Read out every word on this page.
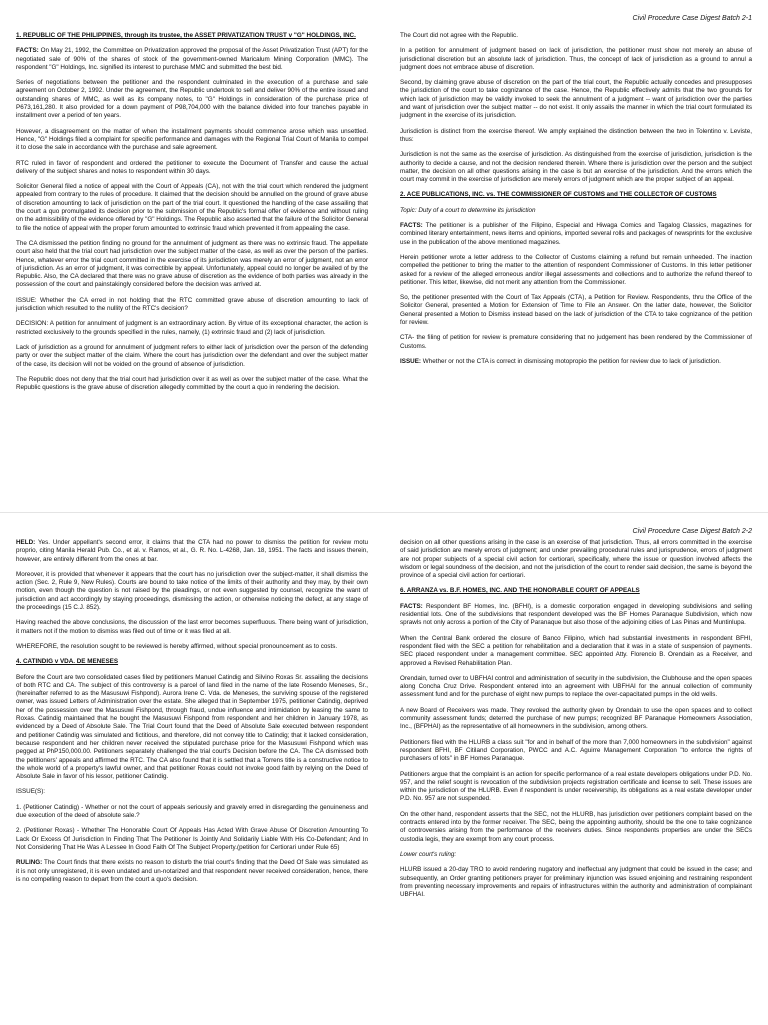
Civil Procedure Case Digest Batch 2-1

1. REPUBLIC OF THE PHILIPPINES, through its trustee, the ASSET PRIVATIZATION TRUST v "G" HOLDINGS, INC.

FACTS: On May 21, 1992, the Committee on Privatization approved the proposal of the Asset Privatization Trust (APT) for the negotiated sale of 90% of the shares of stock of the government-owned Maricalum Mining Corporation (MMC). The respondent "G" Holdings, Inc. signified its interest to purchase MMC and submitted the best bid.

Series of negotiations between the petitioner and the respondent culminated in the execution of a purchase and sale agreement on October 2, 1992. Under the agreement, the Republic undertook to sell and deliver 90% of the entire issued and outstanding shares of MMC, as well as its company notes, to "G" Holdings in consideration of the purchase price of P673,161,280. It also provided for a down payment of P98,704,000 with the balance divided into four tranches payable in installment over a period of ten years.

However, a disagreement on the matter of when the installment payments should commence arose which was unsettled. Hence, "G" Holdings filed a complaint for specific performance and damages with the Regional Trial Court of Manila to compel it to close the sale in accordance with the purchase and sale agreement.

RTC ruled in favor of respondent and ordered the petitioner to execute the Document of Transfer and cause the actual delivery of the subject shares and notes to respondent within 30 days.

Solicitor General filed a notice of appeal with the Court of Appeals (CA), not with the trial court which rendered the judgment appealed from contrary to the rules of procedure. It claimed that the decision should be annulled on the ground of grave abuse of discretion amounting to lack of jurisdiction on the part of the trial court. It questioned the handling of the case assailing that the court a quo promulgated its decision prior to the submission of the Republic's formal offer of evidence and without ruling on the admissibility of the evidence offered by "G" Holdings. The Republic also asserted that the failure of the Solicitor General to file the notice of appeal with the proper forum amounted to extrinsic fraud which prevented it from appealing the case.

The CA dismissed the petition finding no ground for the annulment of judgment as there was no extrinsic fraud. The appellate court also held that the trial court had jurisdiction over the subject matter of the case, as well as over the person of the parties. Hence, whatever error the trial court committed in the exercise of its jurisdiction was merely an error of judgment, not an error of jurisdiction. As an error of judgment, it was correctible by appeal. Unfortunately, appeal could no longer be availed of by the Republic. Also, the CA declared that there was no grave abuse of discretion as the evidence of both parties was already in the possession of the court and painstakingly considered before the decision was arrived at.

ISSUE: Whether the CA erred in not holding that the RTC committed grave abuse of discretion amounting to lack of jurisdiction which resulted to the nullity of the RTC's decision?

DECISION: A petition for annulment of judgment is an extraordinary action. By virtue of its exceptional character, the action is restricted exclusively to the grounds specified in the rules, namely, (1) extrinsic fraud and (2) lack of jurisdiction.

Lack of jurisdiction as a ground for annulment of judgment refers to either lack of jurisdiction over the person of the defending party or over the subject matter of the claim. Where the court has jurisdiction over the defendant and over the subject matter of the case, its decision will not be voided on the ground of absence of jurisdiction.

The Republic does not deny that the trial court had jurisdiction over it as well as over the subject matter of the case. What the Republic questions is the grave abuse of discretion allegedly committed by the court a quo in rendering the decision.

The Court did not agree with the Republic.

In a petition for annulment of judgment based on lack of jurisdiction, the petitioner must show not merely an abuse of jurisdictional discretion but an absolute lack of jurisdiction. Thus, the concept of lack of jurisdiction as a ground to annul a judgment does not embrace abuse of discretion.

Second, by claiming grave abuse of discretion on the part of the trial court, the Republic actually concedes and presupposes the jurisdiction of the court to take cognizance of the case. Hence, the Republic effectively admits that the two grounds for which lack of jurisdiction may be validly invoked to seek the annulment of a judgment -- want of jurisdiction over the parties and want of jurisdiction over the subject matter -- do not exist. It only assails the manner in which the trial court formulated its judgment in the exercise of its jurisdiction.

Jurisdiction is distinct from the exercise thereof. We amply explained the distinction between the two in Tolentino v. Leviste, thus:

Jurisdiction is not the same as the exercise of jurisdiction. As distinguished from the exercise of jurisdiction, jurisdiction is the authority to decide a cause, and not the decision rendered therein. Where there is jurisdiction over the person and the subject matter, the decision on all other questions arising in the case is but an exercise of the jurisdiction. And the errors which the court may commit in the exercise of jurisdiction are merely errors of judgment which are the proper subject of an appeal.

2. ACE PUBLICATIONS, INC. vs. THE COMMISSIONER OF CUSTOMS and THE COLLECTOR OF CUSTOMS

Topic: Duty of a court to determine its jurisdiction

FACTS: The petitioner is a publisher of the Filipino, Especial and Hiwaga Comics and Tagalog Classics, magazines for combined literary entertainment, news items and opinions, imported several rolls and packages of newsprints for the exclusive use in the publication of the above mentioned magazines.

Herein petitioner wrote a letter address to the Collector of Customs claiming a refund but remain unheeded. The inaction compelled the petitioner to bring the matter to the attention of respondent Commissioner of Customs. In this letter petitioner asked for a review of the alleged erroneous and/or illegal assessments and collections and to authorize the refund thereof to petitioner. This letter, likewise, did not merit any attention from the Commissioner.

So, the petitioner presented with the Court of Tax Appeals (CTA), a Petition for Review. Respondents, thru the Office of the Solicitor General, presented a Motion for Extension of Time to File an Answer. On the latter date, however, the Solicitor General presented a Motion to Dismiss instead based on the lack of jurisdiction of the CTA to take cognizance of the petition for review.

CTA- the filing of petition for review is premature considering that no judgement has been rendered by the Commissioner of Customs.

ISSUE: Whether or not the CTA is correct in dismissing motopropio the petition for review due to lack of jurisdiction.

Civil Procedure Case Digest Batch 2-2

HELD: Yes. Under appellant's second error, it claims that the CTA had no power to dismiss the petition for review motu proprio, citing Manila Herald Pub. Co., et al. v. Ramos, et al., G. R. No. L-4268, Jan. 18, 1951. The facts and issues therein, however, are entirely different from the ones at bar.

Moreover, it is provided that whenever it appears that the court has no jurisdiction over the subject-matter, it shall dismiss the action (Sec. 2, Rule 9, New Rules). Courts are bound to take notice of the limits of their authority and they may, by their own motion, even though the question is not raised by the pleadings, or not even suggested by counsel, recognize the want of jurisdiction and act accordingly by staying proceedings, dismissing the action, or otherwise noticing the defect, at any stage of the proceedings (15 C.J. 852).

Having reached the above conclusions, the discussion of the last error becomes superfluous. There being want of jurisdiction, it matters not if the motion to dismiss was filed out of time or it was filed at all.

WHEREFORE, the resolution sought to be reviewed is hereby affirmed, without special pronouncement as to costs.

4. CATINDIG v VDA. DE MENESES

Before the Court are two consolidated cases filed by petitioners Manuel Catindig and Silvino Roxas Sr. assailing the decisions of both RTC and CA. The subject of this controversy is a parcel of land filed in the name of the late Rosendo Meneses, Sr., (hereinafter referred to as the Masusuwi Fishpond). Aurora Irene C. Vda. de Meneses, the surviving spouse of the registered owner, was issued Letters of Administration over the estate. She alleged that in September 1975, petitioner Catindig, deprived her of the possession over the Masusuwi Fishpond, through fraud, undue influence and intimidation by leasing the same to Roxas. Catindig maintained that he bought the Masusuwi Fishpond from respondent and her children in January 1978, as evidenced by a Deed of Absolute Sale. The Trial Court found that the Deed of Absolute Sale executed between respondent and petitioner Catindig was simulated and fictitious, and therefore, did not convey title to Catindig; that it lacked consideration, because respondent and her children never received the stipulated purchase price for the Masusuwi Fishpond which was pegged at PhP150,000.00. Petitioners separately challenged the trial court's Decision before the CA. The CA dismissed both the petitioners' appeals and affirmed the RTC. The CA also found that it is settled that a Torrens title is a constructive notice to the whole world of a property's lawful owner, and that petitioner Roxas could not invoke good faith by relying on the Deed of Absolute Sale in favor of his lessor, petitioner Catindig.

ISSUE(S):

1. (Petitioner Catindig) - Whether or not the court of appeals seriously and gravely erred in disregarding the genuineness and due execution of the deed of absolute sale.?

2. (Petitioner Roxas) - Whether The Honorable Court Of Appeals Has Acted With Grave Abuse Of Discretion Amounting To Lack Or Excess Of Jurisdiction In Finding That The Petitioner Is Jointly And Solidarily Liable With His Co-Defendant; And In Not Considering That He Was A Lessee In Good Faith Of The Subject Property.(petition for Certiorari under Rule 65)

RULING: The Court finds that there exists no reason to disturb the trial court's finding that the Deed Of Sale was simulated as it is not only unregistered, it is even undated and un-notarized and that respondent never received consideration, hence, there is no compelling reason to depart from the court a quo's decision.

decision on all other questions arising in the case is an exercise of that jurisdiction. Thus, all errors committed in the exercise of said jurisdiction are merely errors of judgment; and under prevailing procedural rules and jurisprudence, errors of judgment are not proper subjects of a special civil action for certiorari, specifically, where the issue or question involved affects the wisdom or legal soundness of the decision, and not the jurisdiction of the court to render said decision, the same is beyond the province of a special civil action for certiorari.

6. ARRANZA vs. B.F. HOMES, INC. AND THE HONORABLE COURT OF APPEALS

FACTS: Respondent BF Homes, Inc. (BFHI), is a domestic corporation engaged in developing subdivisions and selling residential lots. One of the subdivisions that respondent developed was the BF Homes Paranaque Subdivision, which now sprawls not only across a portion of the City of Paranaque but also those of the adjoining cities of Las Pinas and Muntinlupa.

When the Central Bank ordered the closure of Banco Filipino, which had substantial investments in respondent BFHI, respondent filed with the SEC a petition for rehabilitation and a declaration that it was in a state of suspension of payments. SEC placed respondent under a management committee. SEC appointed Atty. Florencio B. Orendain as a Receiver, and approved a Revised Rehabilitation Plan.

Orendain, turned over to UBFHAI control and administration of security in the subdivision, the Clubhouse and the open spaces along Concha Cruz Drive. Respondent entered into an agreement with UBFHAI for the annual collection of community assessment fund and for the purchase of eight new pumps to replace the over-capacitated pumps in the old wells.

A new Board of Receivers was made. They revoked the authority given by Orendain to use the open spaces and to collect community assessment funds; deterred the purchase of new pumps; recognized BF Paranaque Homeowners Association, Inc., (BFPHAI) as the representative of all homeowners in the subdivision, among others.

Petitioners filed with the HLURB a class suit "for and in behalf of the more than 7,000 homeowners in the subdivision" against respondent BFHI, BF Citiland Corporation, PWCC and A.C. Aguirre Management Corporation "to enforce the rights of purchasers of lots" in BF Homes Paranaque.

Petitioners argue that the complaint is an action for specific performance of a real estate developers obligations under P.D. No. 957, and the relief sought is revocation of the subdivision projects registration certificate and license to sell. These issues are within the jurisdiction of the HLURB. Even if respondent is under receivership, its obligations as a real estate developer under P.D. No. 957 are not suspended.

On the other hand, respondent asserts that the SEC, not the HLURB, has jurisdiction over petitioners complaint based on the contracts entered into by the former receiver. The SEC, being the appointing authority, should be the one to take cognizance of controversies arising from the performance of the receivers duties. Since respondents properties are under the SECs custodia legis, they are exempt from any court process.

Lower court's ruling:

HLURB issued a 20-day TRO to avoid rendering nugatory and ineffectual any judgment that could be issued in the case; and subsequently, an Order granting petitioners prayer for preliminary injunction was issued enjoining and restraining respondent from preventing necessary improvements and repairs of infrastructures within the authority and administration of complainant UBFHAI.
